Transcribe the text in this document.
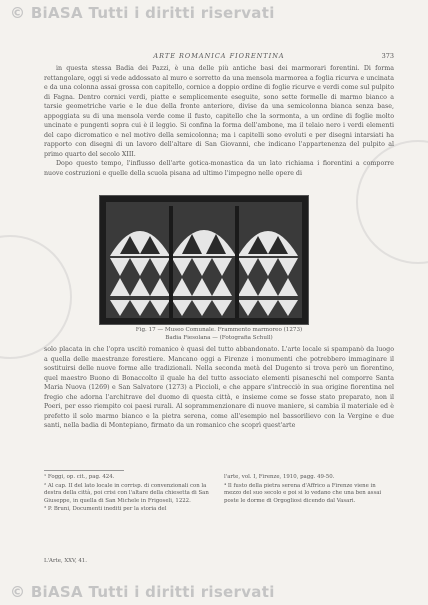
© BiASA Tutti i diritti riservati
ARTE ROMANICA FIORENTINA	373

in questa stessa Badia dei Pazzi, è una delle più antiche basi dei marmorari forentini. Di forma rettangolare, oggi si vede addossato al muro e sorretto da una mensola marmorea a foglia ricurva e uncinata e da una colonna assai grossa con capitello, cornice a doppio ordine di foglie ricurve e verdi come sul pulpito di Fagna. Dentro cornici verdi, piatte e semplicemente eseguite, sono sette formelle di marmo bianco a tarsie geometriche varie e le due della fronte anteriore, divise da una semicolonna bianca senza base, appoggiata su di una mensola verde come il fusto, capitello che la sormonta, a un ordine di foglie molto uncinate e pungenti sopra cui è il leggio. Si confina la forma dell'ambone, ma il telaio nero i verdi elementi del capo dicromatico e nel motivo della semicolonna; ma i capitelli sono evoluti e per disegni intarsiati ha rapporto con disegni di un lavoro dell'altare di San Giovanni, che indicano l'appartenenza del pulpito al primo quarto del secolo XIII.

Dopo questo tempo, l'influsso dell'arte gotica-monastica da un lato richiama i fiorentini a comporre nuove costruzioni e quelle della scuola pisana ad ultimo l'impegno nelle opere di

Fig. 17 — Museo Comunale. Frammento marmoreo (1273)
Badia Fiesolana — (Fotografia Schull)

solo placata in che l'opra uscitò romanico è quasi del tutto abbandonato. L'arte locale si spampanò da luogo a quella delle maestranze forestiere. Mancano oggi a Firenze i monumenti che potrebbero immaginare il sostituirsi delle nuove forme alle tradizionali. Nella seconda metà del Dugento si trova però un fiorentino, quel maestro Buono di Bonaccolto il quale ha del tutto associato elementi pisaneschi nel comporre Santa Maria Nuova (1269) e San Salvatore (1273) a Piccioli, e che appare s'intrecciò in sua origine fiorentina nel fregio che adorna l'architrave del duomo di questa città, e insieme come se fosse stato preparato, non il Poeri, per esso riempito coi paesi rurali. Al soprammenzionare di nuove maniere, si cambia il materiale ed è prefetto il solo marmo bianco e la pietra serena, come all'esempio nel bassorilievo con la Vergine e due santi, nella badia di Montepiano, firmato da un romanico che scoprì quest'arte

¹ Foggi, op. cit., pag. 424.

² Al cap. II del lato locale in corrisp. di convenzionali con la destra della città, poi crisi con l'altare della chiesetta di San Giuseppe, in quella di San Michele in Frigoseli, 1222.

³ P. Bruni, Documenti inediti per la storia del

l'arte, vol. I, Firenze, 1910, pagg. 49-50.

⁴ Il fusto della pietra serena d'Affrico a Firenze viene in mezzo del suo secolo e poi si lo vedano che una ben assai poste le dorme di Orgogliosi dicendo dal Vasari.

L'Arte, XXV, 41.
© BiASA Tutti i diritti riservati
